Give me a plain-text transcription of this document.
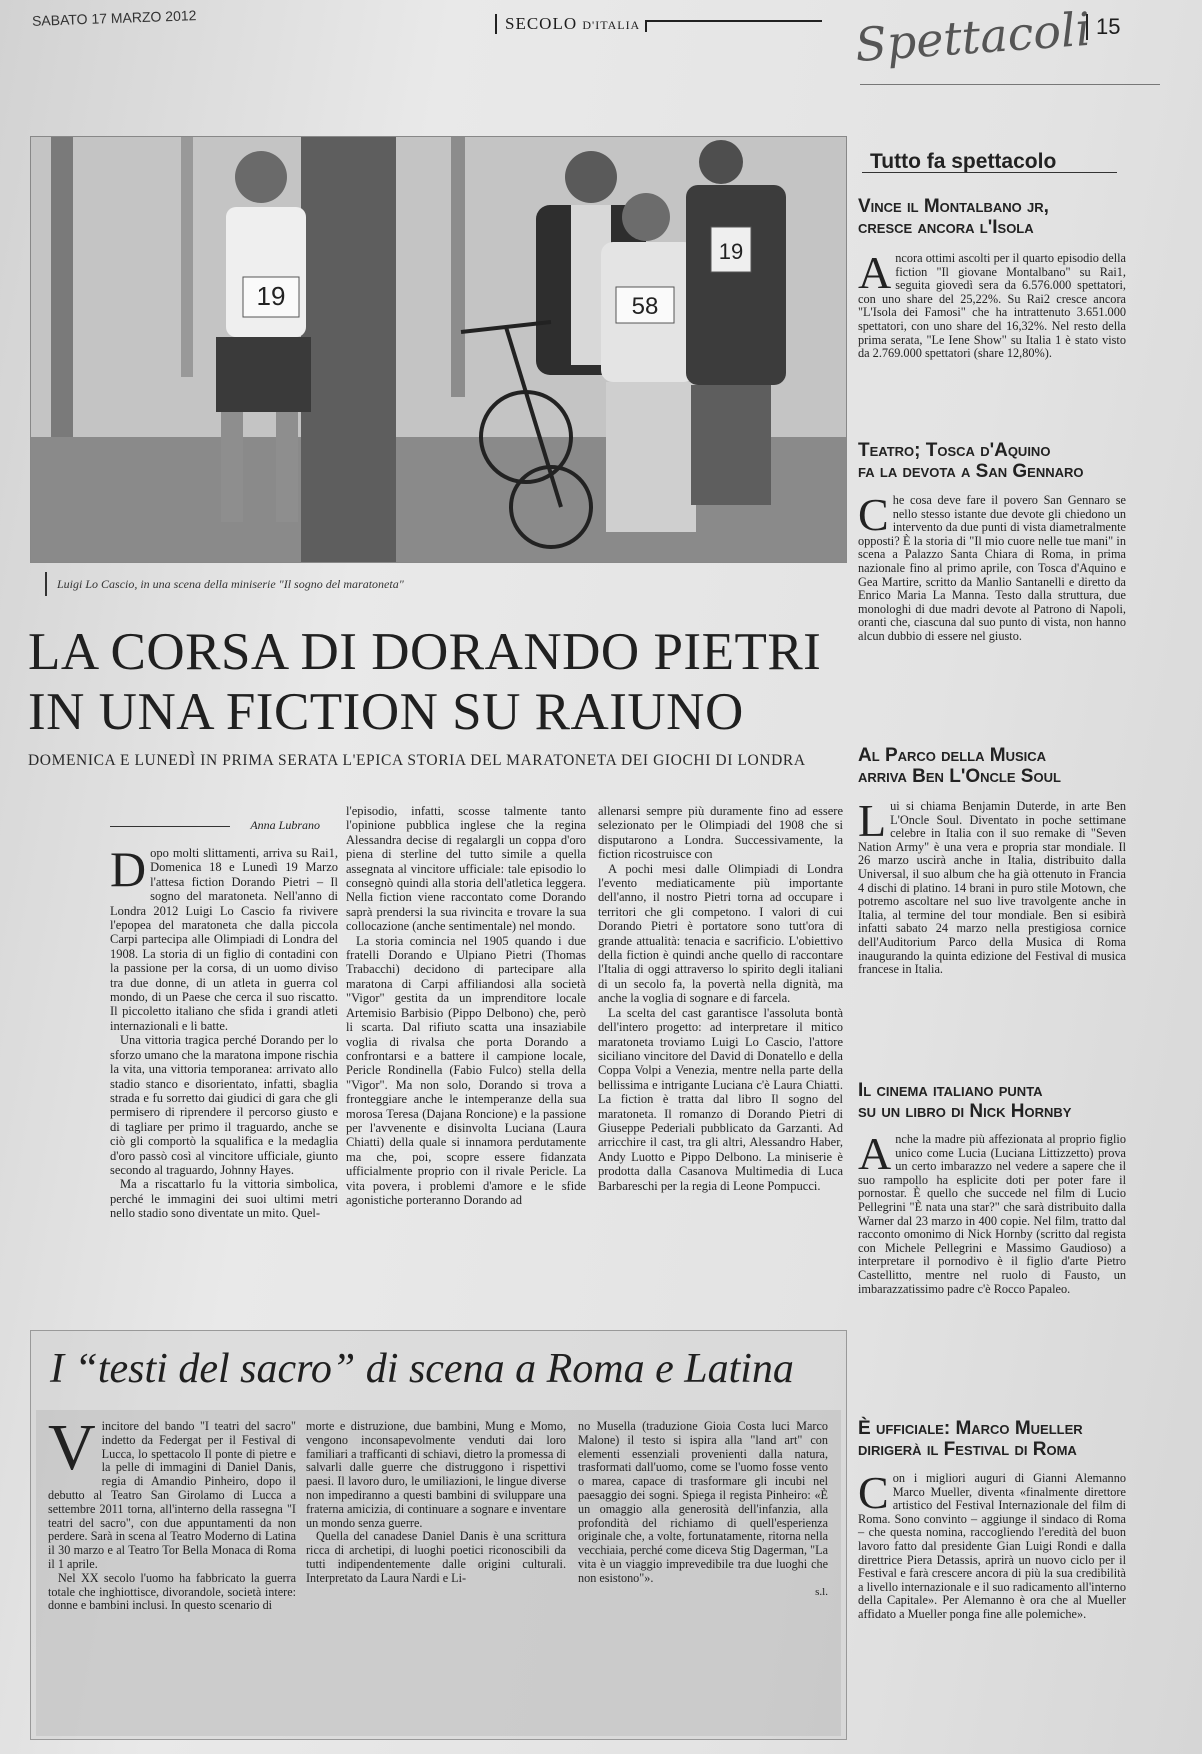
SABATO 17 MARZO 2012	SECOLO D'ITALIA	Spettacoli 15
19	58
19
Luigi Lo Cascio, in una scena della miniserie "Il sogno del maratoneta"
LA CORSA DI DORANDO PIETRI
IN UNA FICTION SU RAIUNO
DOMENICA E LUNEDÌ IN PRIMA SERATA L'EPICA STORIA DEL MARATONETA DEI GIOCHI DI LONDRA
Anna Lubrano

Dopo molti slittamenti, arriva su Rai1, Domenica 18 e Lunedì 19 Marzo l'attesa fiction Dorando Pietri – Il sogno del maratoneta. Nell'anno di Londra 2012 Luigi Lo Cascio fa rivivere l'epopea del maratoneta che dalla piccola Carpi partecipa alle Olimpiadi di Londra del 1908. La storia di un figlio di contadini con la passione per la corsa, di un uomo diviso tra due donne, di un atleta in guerra col mondo, di un Paese che cerca il suo riscatto. Il piccoletto italiano che sfida i grandi atleti internazionali e li batte.

Una vittoria tragica perché Dorando per lo sforzo umano che la maratona impone rischia la vita, una vittoria temporanea: arrivato allo stadio stanco e disorientato, infatti, sbaglia strada e fu sorretto dai giudici di gara che gli permisero di riprendere il percorso giusto e di tagliare per primo il traguardo, anche se ciò gli comportò la squalifica e la medaglia d'oro passò così al vincitore ufficiale, giunto secondo al traguardo, Johnny Hayes.

Ma a riscattarlo fu la vittoria simbolica, perché le immagini dei suoi ultimi metri nello stadio sono diventate un mito. Quel-

l'episodio, infatti, scosse talmente tanto l'opinione pubblica inglese che la regina Alessandra decise di regalargli un coppa d'oro piena di sterline del tutto simile a quella assegnata al vincitore ufficiale: tale episodio lo consegnò quindi alla storia dell'atletica leggera. Nella fiction viene raccontato come Dorando saprà prendersi la sua rivincita e trovare la sua collocazione (anche sentimentale) nel mondo.

La storia comincia nel 1905 quando i due fratelli Dorando e Ulpiano Pietri (Thomas Trabacchi) decidono di partecipare alla maratona di Carpi affiliandosi alla società "Vigor" gestita da un imprenditore locale Artemisio Barbisio (Pippo Delbono) che, però li scarta. Dal rifiuto scatta una insaziabile voglia di rivalsa che porta Dorando a confrontarsi e a battere il campione locale, Pericle Rondinella (Fabio Fulco) stella della "Vigor". Ma non solo, Dorando si trova a fronteggiare anche le intemperanze della sua morosa Teresa (Dajana Roncione) e la passione per l'avvenente e disinvolta Luciana (Laura Chiatti) della quale si innamora perdutamente ma che, poi, scopre essere fidanzata ufficialmente proprio con il rivale Pericle. La vita povera, i problemi d'amore e le sfide agonistiche porteranno Dorando ad

allenarsi sempre più duramente fino ad essere selezionato per le Olimpiadi del 1908 che si disputarono a Londra. Successivamente, la fiction ricostruisce con

A pochi mesi dalle Olimpiadi di Londra l'evento mediaticamente più importante dell'anno, il nostro Pietri torna ad occupare i territori che gli competono. I valori di cui Dorando Pietri è portatore sono tutt'ora di grande attualità: tenacia e sacrificio. L'obiettivo della fiction è quindi anche quello di raccontare l'Italia di oggi attraverso lo spirito degli italiani di un secolo fa, la povertà nella dignità, ma anche la voglia di sognare e di farcela.

La scelta del cast garantisce l'assoluta bontà dell'intero progetto: ad interpretare il mitico maratoneta troviamo Luigi Lo Cascio, l'attore siciliano vincitore del David di Donatello e della Coppa Volpi a Venezia, mentre nella parte della bellissima e intrigante Luciana c'è Laura Chiatti. La fiction è tratta dal libro Il sogno del maratoneta. Il romanzo di Dorando Pietri di Giuseppe Pederiali pubblicato da Garzanti. Ad arricchire il cast, tra gli altri, Alessandro Haber, Andy Luotto e Pippo Delbono. La miniserie è prodotta dalla Casanova Multimedia di Luca Barbareschi per la regia di Leone Pompucci.

I “testi del sacro” di scena a Roma e Latina

Vincitore del bando "I teatri del sacro" indetto da Federgat per il Festival di Lucca, lo spettacolo Il ponte di pietre e la pelle di immagini di Daniel Danis, regia di Amandio Pinheiro, dopo il debutto al Teatro San Girolamo di Lucca a settembre 2011 torna, all'interno della rassegna "I teatri del sacro", con due appuntamenti da non perdere. Sarà in scena al Teatro Moderno di Latina il 30 marzo e al Teatro Tor Bella Monaca di Roma il 1 aprile.

Nel XX secolo l'uomo ha fabbricato la guerra totale che inghiottisce, divorandole, società intere: donne e bambini inclusi. In questo scenario di

morte e distruzione, due bambini, Mung e Momo, vengono inconsapevolmente venduti dai loro familiari a trafficanti di schiavi, dietro la promessa di salvarli dalle guerre che distruggono i rispettivi paesi. Il lavoro duro, le umiliazioni, le lingue diverse non impediranno a questi bambini di sviluppare una fraterna amicizia, di continuare a sognare e inventare un mondo senza guerre.

Quella del canadese Daniel Danis è una scrittura ricca di archetipi, di luoghi poetici riconoscibili da tutti indipendentemente dalle origini culturali. Interpretato da Laura Nardi e Li-

no Musella (traduzione Gioia Costa luci Marco Malone) il testo si ispira alla "land art" con elementi essenziali provenienti dalla natura, trasformati dall'uomo, come se l'uomo fosse vento o marea, capace di trasformare gli incubi nel paesaggio dei sogni. Spiega il regista Pinheiro: «È un omaggio alla generosità dell'infanzia, alla profondità del richiamo di quell'esperienza originale che, a volte, fortunatamente, ritorna nella vecchiaia, perché come diceva Stig Dagerman, "La vita è un viaggio imprevedibile tra due luoghi che non esistono"».

s.l.

Tutto fa spettacolo
Vince il Montalbano jr,
cresce ancora l'Isola
Ancora ottimi ascolti per il quarto episodio della fiction "Il giovane Montalbano" su Rai1, seguita giovedì sera da 6.576.000 spettatori, con uno share del 25,22%. Su Rai2 cresce ancora "L'Isola dei Famosi" che ha intrattenuto 3.651.000 spettatori, con uno share del 16,32%. Nel resto della prima serata, "Le Iene Show" su Italia 1 è stato visto da 2.769.000 spettatori (share 12,80%).
Teatro; Tosca d'Aquino
fa la devota a San Gennaro
Che cosa deve fare il povero San Gennaro se nello stesso istante due devote gli chiedono un intervento da due punti di vista diametralmente opposti? È la storia di "Il mio cuore nelle tue mani" in scena a Palazzo Santa Chiara di Roma, in prima nazionale fino al primo aprile, con Tosca d'Aquino e Gea Martire, scritto da Manlio Santanelli e diretto da Enrico Maria La Manna. Testo dalla struttura, due monologhi di due madri devote al Patrono di Napoli, oranti che, ciascuna dal suo punto di vista, non hanno alcun dubbio di essere nel giusto.
Al Parco della Musica
arriva Ben L'Oncle Soul
Lui si chiama Benjamin Duterde, in arte Ben L'Oncle Soul. Diventato in poche settimane celebre in Italia con il suo remake di "Seven Nation Army" è una vera e propria star mondiale. Il 26 marzo uscirà anche in Italia, distribuito dalla Universal, il suo album che ha già ottenuto in Francia 4 dischi di platino. 14 brani in puro stile Motown, che potremo ascoltare nel suo live travolgente anche in Italia, al termine del tour mondiale. Ben si esibirà infatti sabato 24 marzo nella prestigiosa cornice dell'Auditorium Parco della Musica di Roma inaugurando la quinta edizione del Festival di musica francese in Italia.
Il cinema italiano punta
su un libro di Nick Hornby
Anche la madre più affezionata al proprio figlio unico come Lucia (Luciana Littizzetto) prova un certo imbarazzo nel vedere a sapere che il suo rampollo ha esplicite doti per poter fare il pornostar. È quello che succede nel film di Lucio Pellegrini "È nata una star?" che sarà distribuito dalla Warner dal 23 marzo in 400 copie. Nel film, tratto dal racconto omonimo di Nick Hornby (scritto dal regista con Michele Pellegrini e Massimo Gaudioso) a interpretare il pornodivo è il figlio d'arte Pietro Castellitto, mentre nel ruolo di Fausto, un imbarazzatissimo padre c'è Rocco Papaleo.
È ufficiale: Marco Mueller
dirigerà il Festival di Roma
Con i migliori auguri di Gianni Alemanno Marco Mueller, diventa «finalmente direttore artistico del Festival Internazionale del film di Roma. Sono convinto – aggiunge il sindaco di Roma – che questa nomina, raccogliendo l'eredità del buon lavoro fatto dal presidente Gian Luigi Rondi e dalla direttrice Piera Detassis, aprirà un nuovo ciclo per il Festival e farà crescere ancora di più la sua credibilità a livello internazionale e il suo radicamento all'interno della Capitale». Per Alemanno è ora che al Mueller affidato a Mueller ponga fine alle polemiche».
